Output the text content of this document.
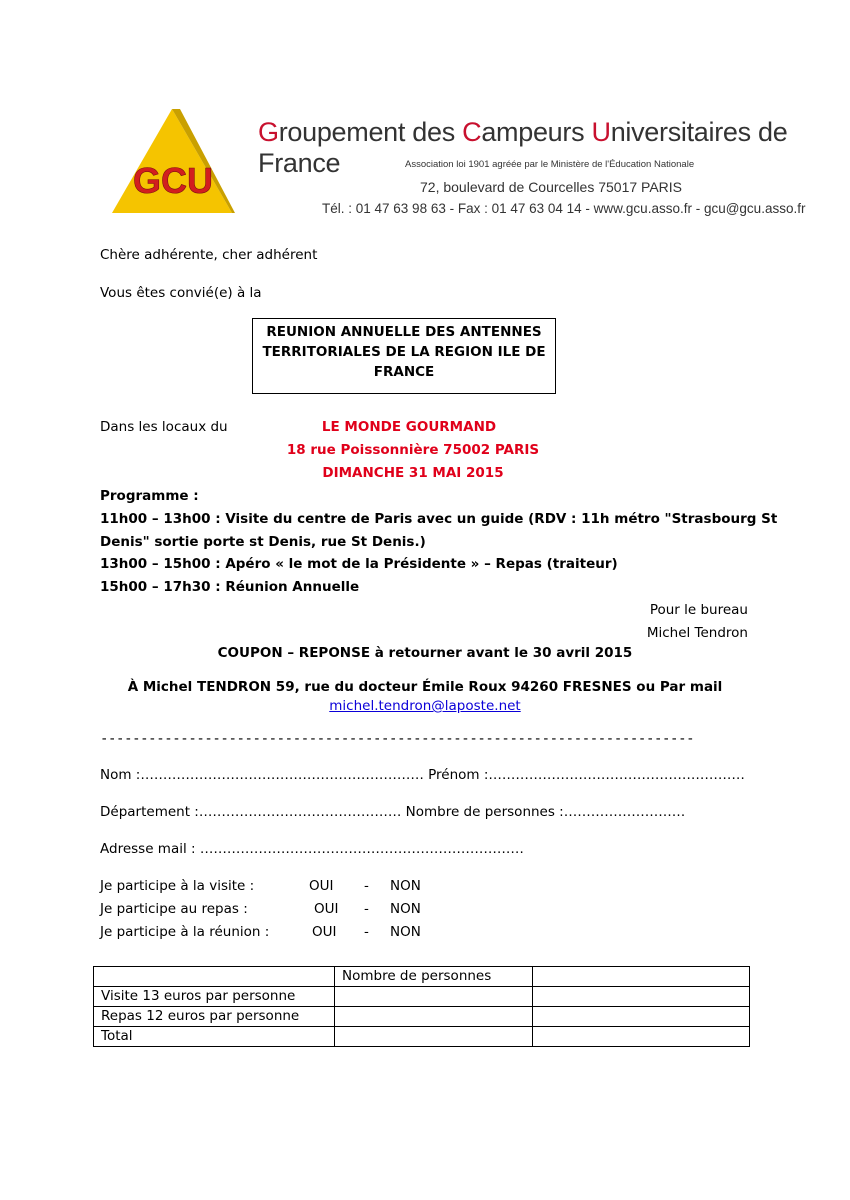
GCU
Groupement des Campeurs Universitaires de France	Association loi 1901 agréée par le Ministère de l'Éducation Nationale
72, boulevard de Courcelles 75017 PARIS
Tél. : 01 47 63 98 63 - Fax : 01 47 63 04 14 - www.gcu.asso.fr - gcu@gcu.asso.fr
Chère adhérente, cher adhérent
Vous êtes convié(e) à la
REUNION ANNUELLE DES ANTENNES TERRITORIALES DE LA REGION ILE DE FRANCE
Dans les locaux du	LE MONDE GOURMAND
18 rue Poissonnière 75002 PARIS
DIMANCHE 31 MAI 2015
Programme :
11h00 – 13h00 : Visite du centre de Paris avec un guide (RDV : 11h métro "Strasbourg St
Denis" sortie porte st Denis, rue St Denis.)
13h00 – 15h00 : Apéro « le mot de la Présidente » – Repas (traiteur)
15h00 – 17h30 : Réunion Annuelle
Pour le bureau
Michel Tendron
COUPON – REPONSE à retourner avant le 30 avril 2015
À Michel TENDRON 59, rue du docteur Émile Roux 94260 FRESNES ou Par mail
michel.tendron@laposte.net
--------------------------------------------------------------------------
Nom :……………………………………………………… Prénom :…………………………………………………
Département :……………………………………… Nombre de personnes :………………………
Adresse mail : ………………………………………………………………
Je participe à la visite :	OUI - NON
Je participe au repas :	OUI - NON
Je participe à la réunion :	OUI - NON
	Nombre de personnes	
Visite 13 euros par personne		
Repas 12 euros par personne		
Total		
